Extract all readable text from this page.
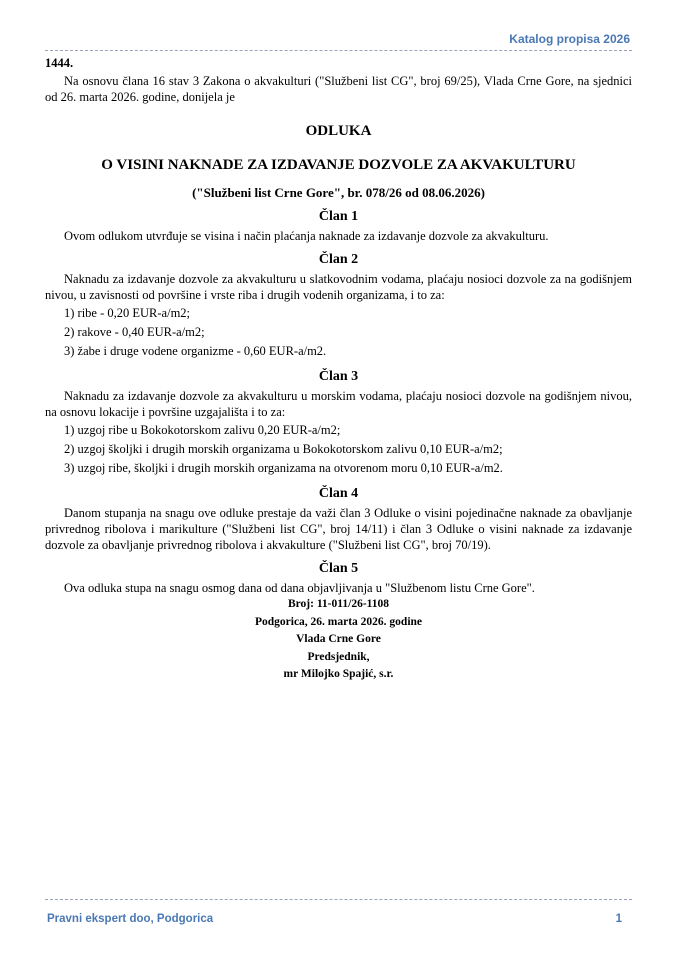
Katalog propisa 2026

1444.

Na osnovu člana 16 stav 3 Zakona o akvakulturi ("Službeni list CG", broj 69/25), Vlada Crne Gore, na sjednici od 26. marta 2026. godine, donijela je

ODLUKA

O VISINI NAKNADE ZA IZDAVANJE DOZVOLE ZA AKVAKULTURU

("Službeni list Crne Gore", br. 078/26 od 08.06.2026)

Član 1

Ovom odlukom utvrđuje se visina i način plaćanja naknade za izdavanje dozvole za akvakulturu.

Član 2

Naknadu za izdavanje dozvole za akvakulturu u slatkovodnim vodama, plaćaju nosioci dozvole za na godišnjem nivou, u zavisnosti od površine i vrste riba i drugih vodenih organizama, i to za:

1) ribe - 0,20 EUR-a/m2;

2) rakove - 0,40 EUR-a/m2;

3) žabe i druge vodene organizme - 0,60 EUR-a/m2.

Član 3

Naknadu za izdavanje dozvole za akvakulturu u morskim vodama, plaćaju nosioci dozvole na godišnjem nivou, na osnovu lokacije i površine uzgajališta i to za:

1) uzgoj ribe u Bokokotorskom zalivu 0,20 EUR-a/m2;

2) uzgoj školjki i drugih morskih organizama u Bokokotorskom zalivu 0,10 EUR-a/m2;

3) uzgoj ribe, školjki i drugih morskih organizama na otvorenom moru 0,10 EUR-a/m2.

Član 4

Danom stupanja na snagu ove odluke prestaje da važi član 3 Odluke o visini pojedinačne naknade za obavljanje privrednog ribolova i marikulture ("Službeni list CG", broj 14/11) i član 3 Odluke o visini naknade za izdavanje dozvole za obavljanje privrednog ribolova i akvakulture ("Službeni list CG", broj 70/19).

Član 5

Ova odluka stupa na snagu osmog dana od dana objavljivanja u "Službenom listu Crne Gore".

Broj: 11-011/26-1108

Podgorica, 26. marta 2026. godine

Vlada Crne Gore

Predsjednik,

mr Milojko Spajić, s.r.

Pravni ekspert doo, Podgorica	1
